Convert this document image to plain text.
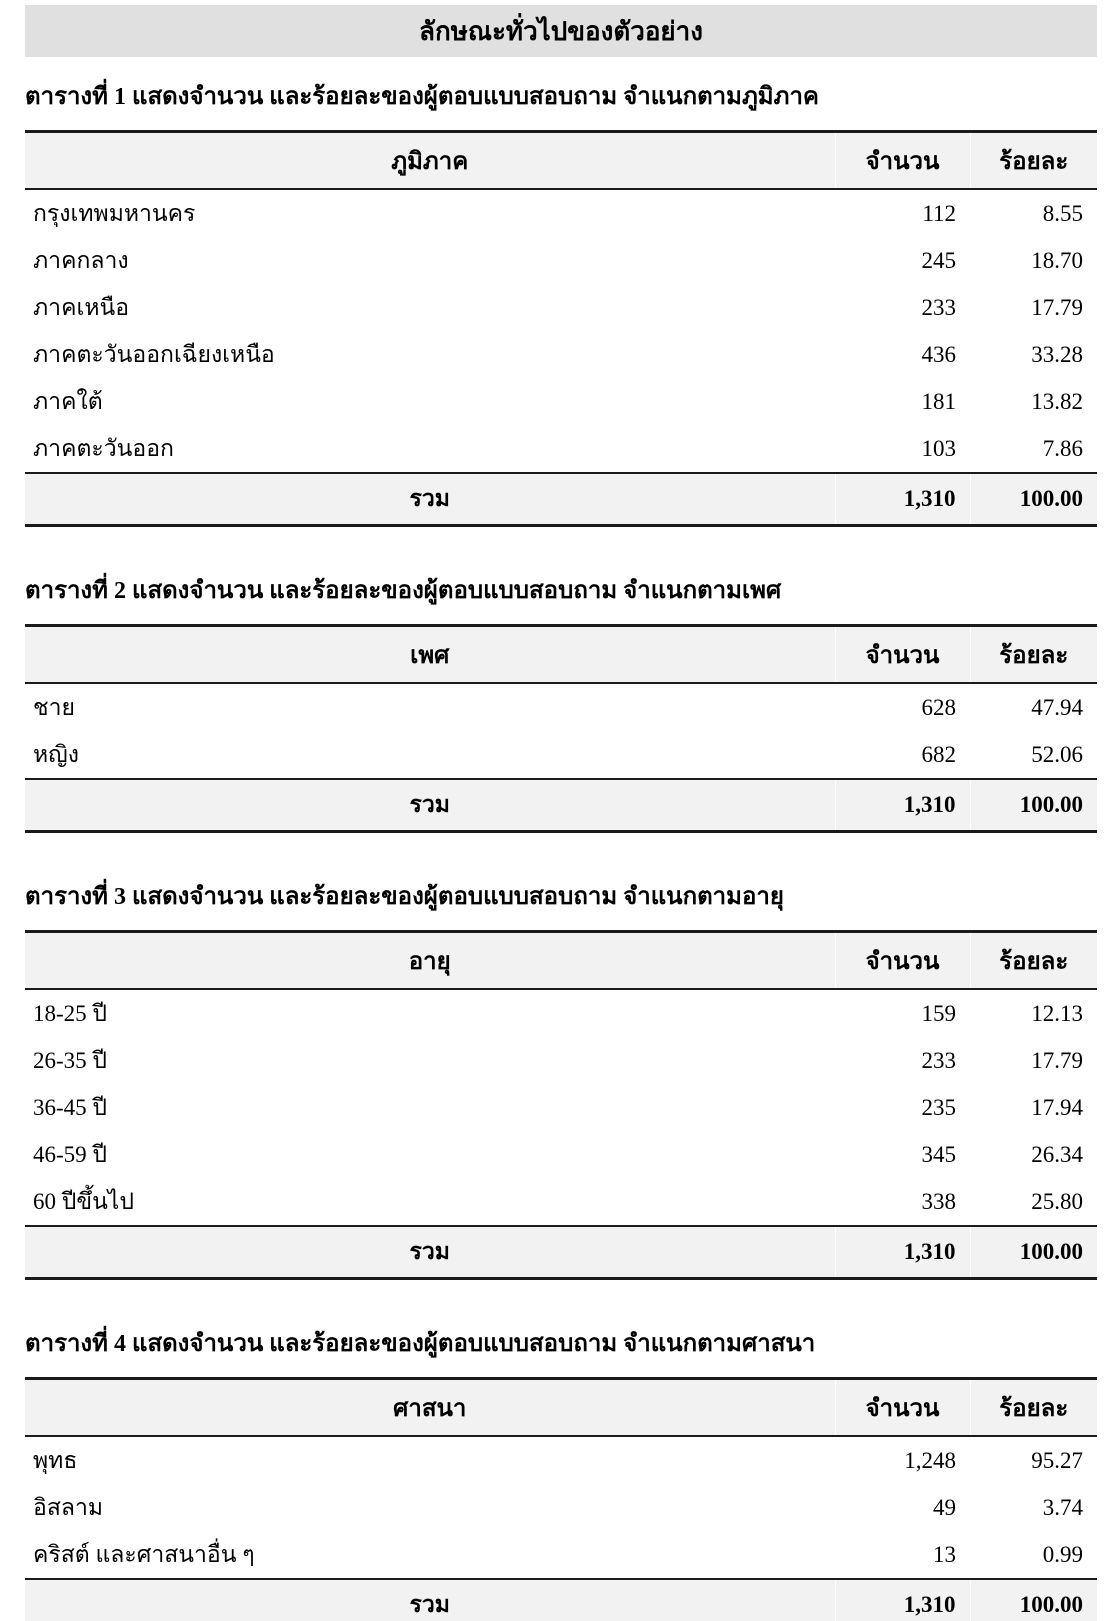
ลักษณะทั่วไปของตัวอย่าง
ตารางที่ 1 แสดงจำนวน และร้อยละของผู้ตอบแบบสอบถาม จำแนกตามภูมิภาค
ภูมิภาค	จำนวน	ร้อยละ
กรุงเทพมหานคร	112	8.55
ภาคกลาง	245	18.70
ภาคเหนือ	233	17.79
ภาคตะวันออกเฉียงเหนือ	436	33.28
ภาคใต้	181	13.82
ภาคตะวันออก	103	7.86
รวม	1,310	100.00
ตารางที่ 2 แสดงจำนวน และร้อยละของผู้ตอบแบบสอบถาม จำแนกตามเพศ
เพศ	จำนวน	ร้อยละ
ชาย	628	47.94
หญิง	682	52.06
รวม	1,310	100.00
ตารางที่ 3 แสดงจำนวน และร้อยละของผู้ตอบแบบสอบถาม จำแนกตามอายุ
อายุ	จำนวน	ร้อยละ
18-25 ปี	159	12.13
26-35 ปี	233	17.79
36-45 ปี	235	17.94
46-59 ปี	345	26.34
60 ปีขึ้นไป	338	25.80
รวม	1,310	100.00
ตารางที่ 4 แสดงจำนวน และร้อยละของผู้ตอบแบบสอบถาม จำแนกตามศาสนา
ศาสนา	จำนวน	ร้อยละ
พุทธ	1,248	95.27
อิสลาม	49	3.74
คริสต์ และศาสนาอื่น ๆ	13	0.99
รวม	1,310	100.00
